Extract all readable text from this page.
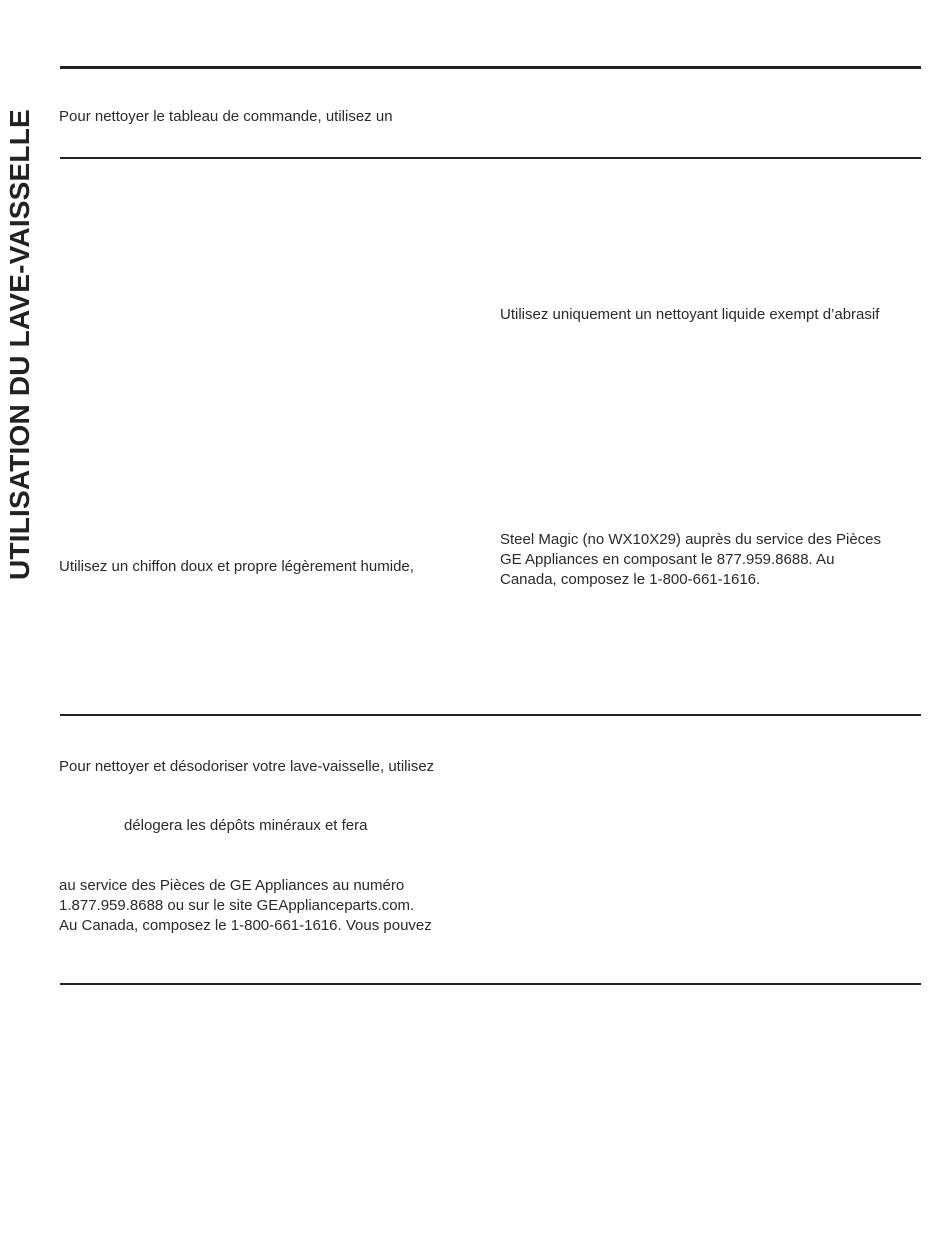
UTILISATION DU LAVE-VAISSELLE Pour nettoyer le tableau de commande, utilisez un
Utilisez uniquement un nettoyant liquide exempt d’abrasif

Steel Magic (no WX10X29) auprès du service des Pièces

GE Appliances en composant le 877.959.8688. Au

Canada, composez le 1-800-661-1616.

Utilisez un chiffon doux et propre légèrement humide,
Pour nettoyer et désodoriser votre lave-vaisselle, utilisez
délogera les dépôts minéraux et fera

au service des Pièces de GE Appliances au numéro

1.877.959.8688 ou sur le site GEApplianceparts.com.

Au Canada, composez le 1-800-661-1616. Vous pouvez
